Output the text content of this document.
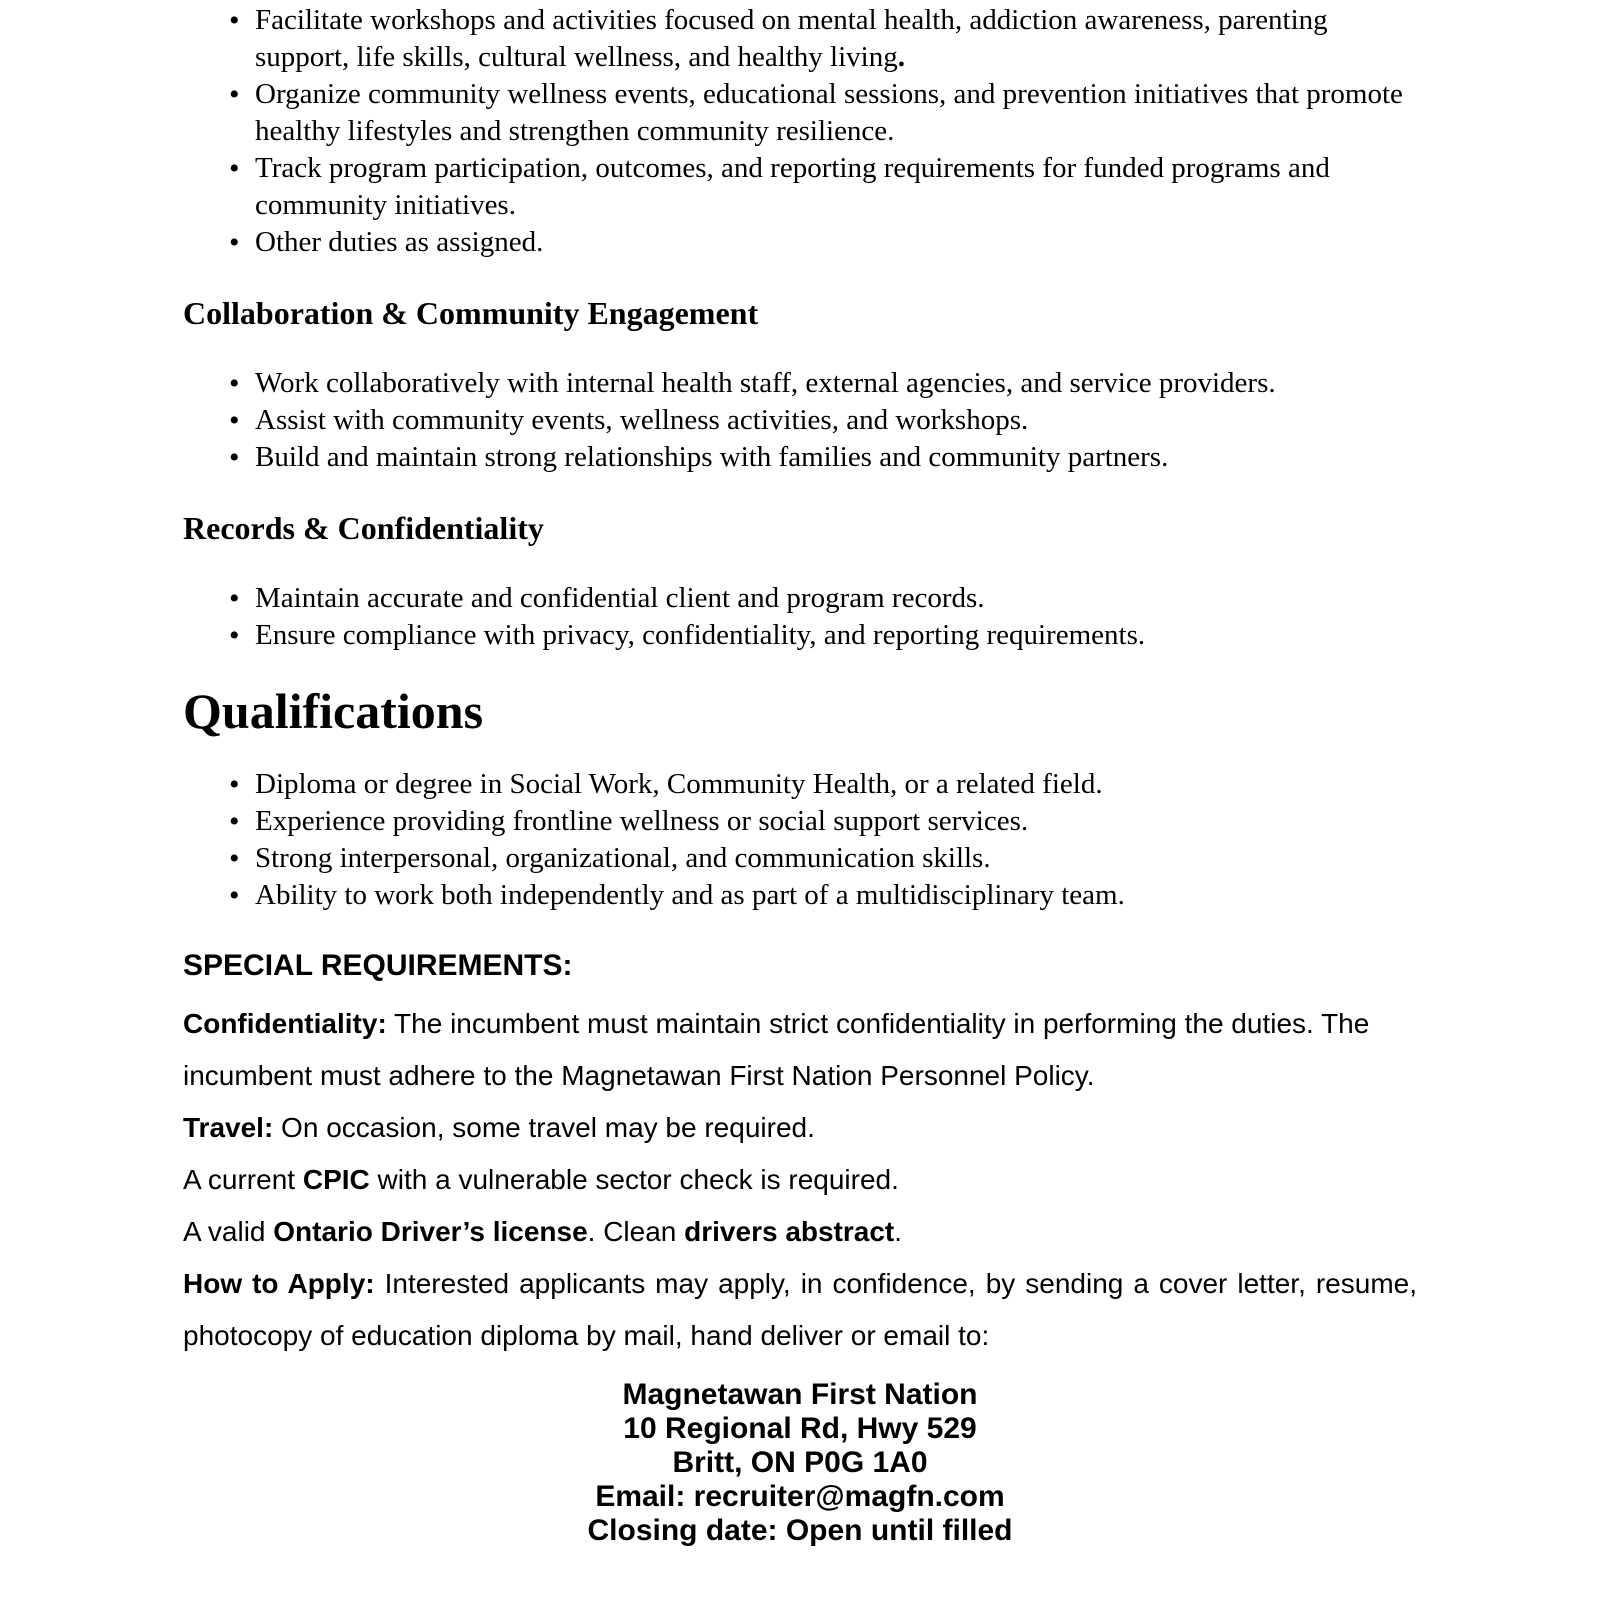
• Facilitate workshops and activities focused on mental health, addiction awareness, parenting support, life skills, cultural wellness, and healthy living.
• Organize community wellness events, educational sessions, and prevention initiatives that promote healthy lifestyles and strengthen community resilience.
• Track program participation, outcomes, and reporting requirements for funded programs and community initiatives.
• Other duties as assigned.
Collaboration & Community Engagement
• Work collaboratively with internal health staff, external agencies, and service providers.
• Assist with community events, wellness activities, and workshops.
• Build and maintain strong relationships with families and community partners.
Records & Confidentiality
• Maintain accurate and confidential client and program records.
• Ensure compliance with privacy, confidentiality, and reporting requirements.
Qualifications
• Diploma or degree in Social Work, Community Health, or a related field.
• Experience providing frontline wellness or social support services.
• Strong interpersonal, organizational, and communication skills.
• Ability to work both independently and as part of a multidisciplinary team.
SPECIAL REQUIREMENTS:

Confidentiality: The incumbent must maintain strict confidentiality in performing the duties. The incumbent must adhere to the Magnetawan First Nation Personnel Policy.

Travel: On occasion, some travel may be required.

A current CPIC with a vulnerable sector check is required.

A valid Ontario Driver’s license. Clean drivers abstract.

How to Apply: Interested applicants may apply, in confidence, by sending a cover letter, resume, photocopy of education diploma by mail, hand deliver or email to:

Magnetawan First Nation
10 Regional Rd, Hwy 529
Britt, ON P0G 1A0
Email: recruiter@magfn.com
Closing date: Open until filled
